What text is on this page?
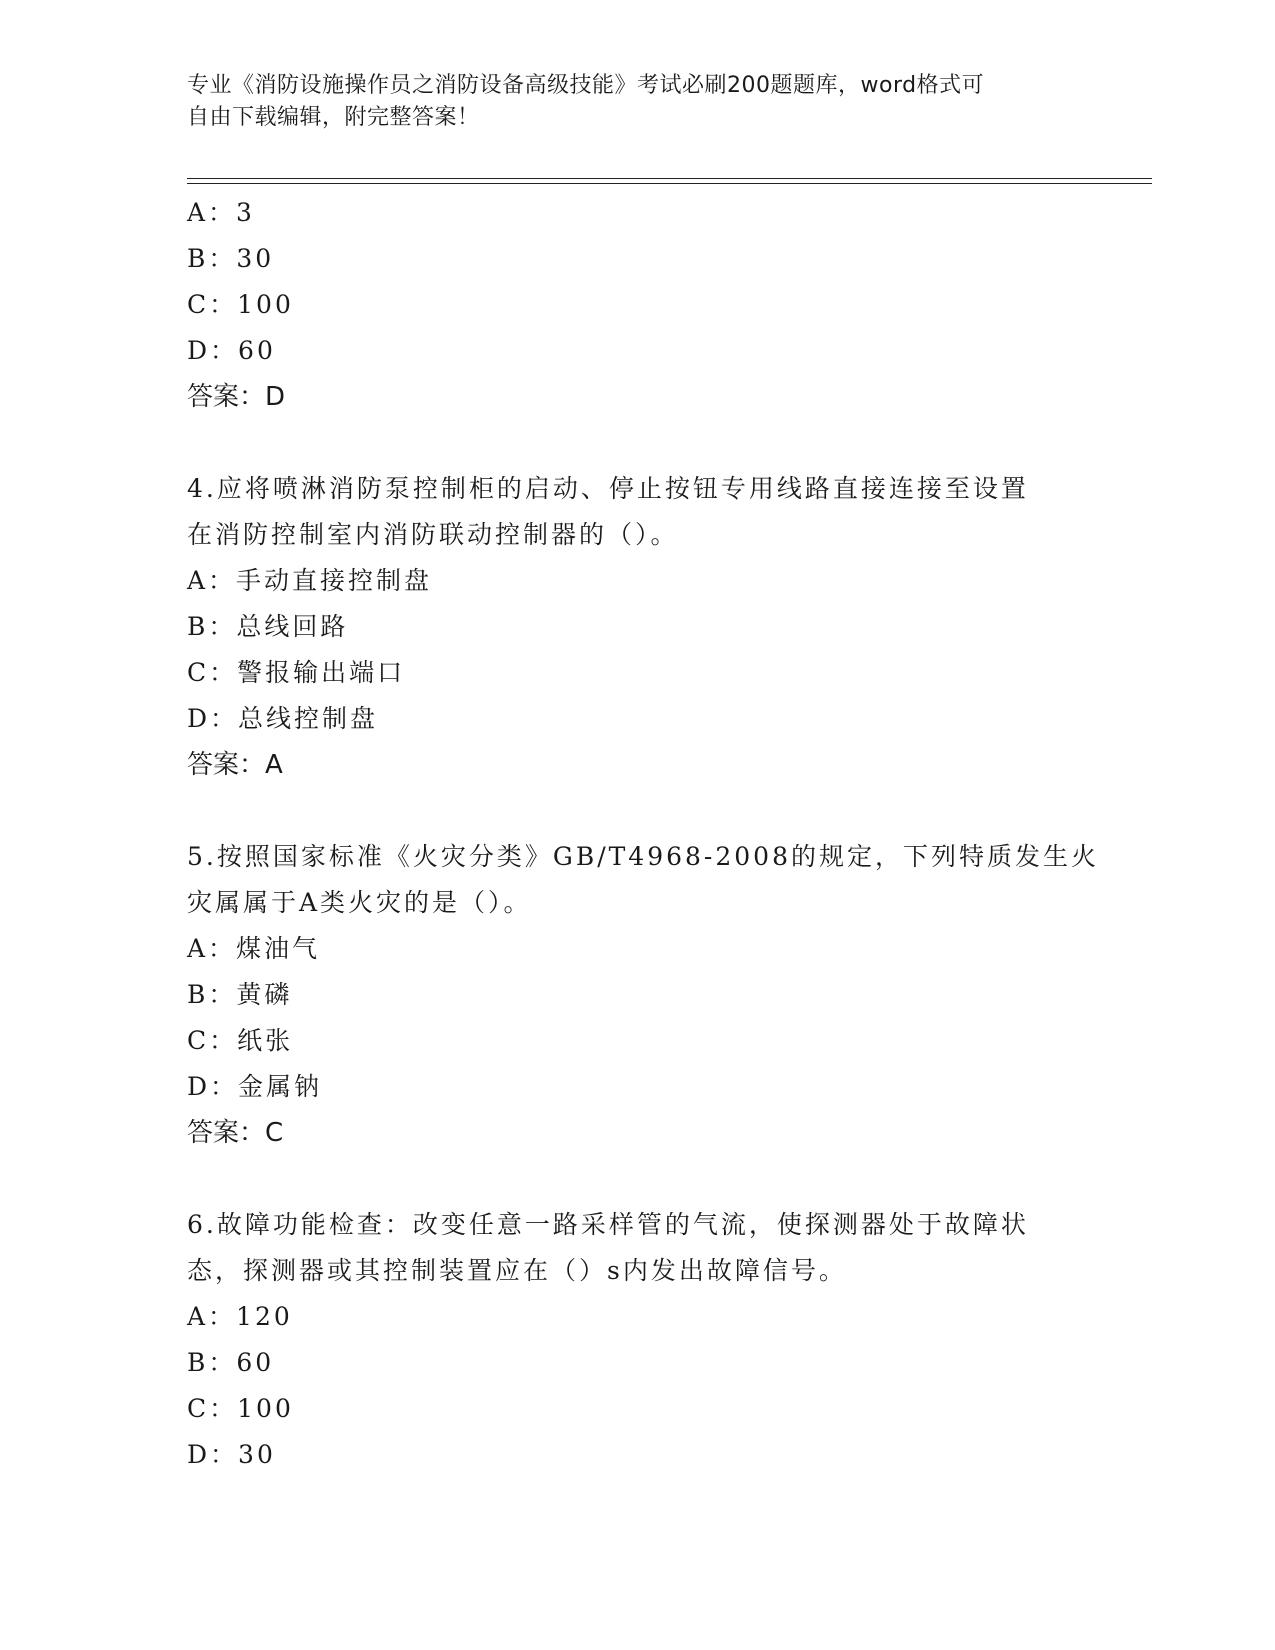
专业《消防设施操作员之消防设备高级技能》考试必刷200题题库，word格式可
自由下载编辑，附完整答案！
A：3
B：30
C：100
D：60
答案：D
4.应将喷淋消防泵控制柜的启动、停止按钮专用线路直接连接至设置
在消防控制室内消防联动控制器的（）。
A：手动直接控制盘
B：总线回路
C：警报输出端口
D：总线控制盘
答案：A
5.按照国家标准《火灾分类》GB/T4968-2008的规定，下列特质发生火
灾属属于A类火灾的是（）。
A：煤油气
B：黄磷
C：纸张
D：金属钠
答案：C
6.故障功能检查：改变任意一路采样管的气流，使探测器处于故障状
态，探测器或其控制装置应在（）s内发出故障信号。
A：120
B：60
C：100
D：30
